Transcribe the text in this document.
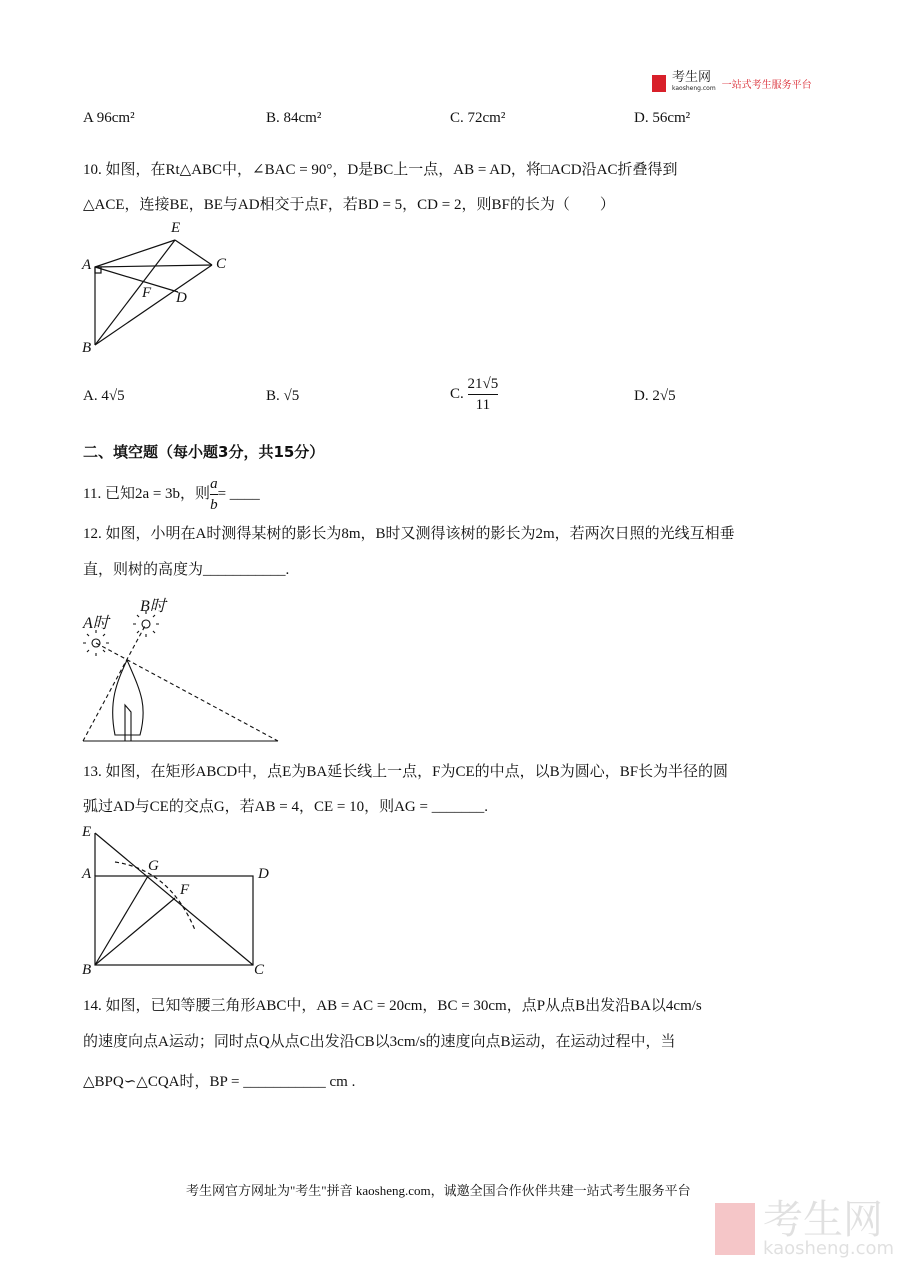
考生网
kaosheng.com 一站式考生服务平台
A 96cm²	B. 84cm²	C. 72cm²	D. 56cm²
10. 如图，在Rt△ABC中，∠BAC = 90°，D是BC上一点，AB = AD，将□ACD沿AC折叠得到
△ACE，连接BE，BE与AD相交于点F，若BD = 5，CD = 2，则BF的长为（　　）
E
A	C
F D
B
A. 4√5	B. √5	C. $\frac{21√5}{11}$	D. 2√5
二、填空题（每小题3分，共15分）
11. 已知2a = 3b，则 $\frac{a}{b}$ = ____
12. 如图，小明在A时测得某树的影长为8m，B时又测得该树的影长为2m，若两次日照的光线互相垂
直，则树的高度为___________.
A时
B时
13. 如图，在矩形ABCD中，点E为BA延长线上一点，F为CE的中点，以B为圆心，BF长为半径的圆
弧过AD与CE的交点G，若AB = 4，CE = 10，则AG = _______.
E
A	G	D
F
B	C
14. 如图，已知等腰三角形ABC中，AB = AC = 20cm，BC = 30cm，点P从点B出发沿BA以4cm/s
的速度向点A运动；同时点Q从点C出发沿CB以3cm/s的速度向点B运动，在运动过程中，当
△BPQ∽△CQA时，BP = ___________ cm .
考生网官方网址为"考生"拼音 kaosheng.com，诚邀全国合作伙伴共建一站式考生服务平台
考生网
kaosheng.com
